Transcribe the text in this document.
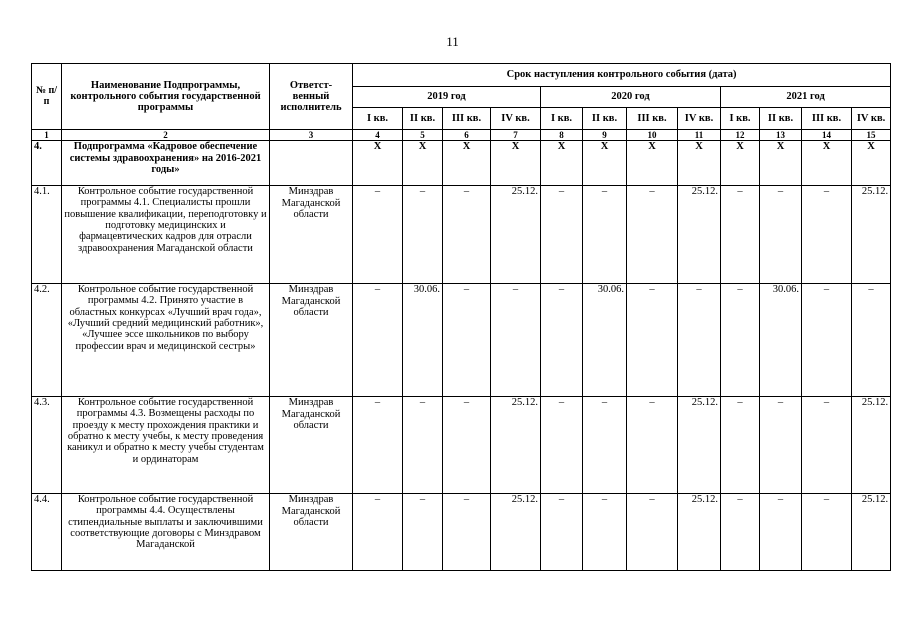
11
№ п/п	Наименование Подпрограммы, контрольного события государственной программы	Ответст-венный исполнитель	Срок наступления контрольного события (дата)											
			2019 год				2020 год				2021 год			
			I кв.	II кв.	III кв.	IV кв.	I кв.	II кв.	III кв.	IV кв.	I кв.	II кв.	III кв.	IV кв.
1	2	3	4	5	6	7	8	9	10	11	12	13	14	15
4.	Подпрограмма «Кадровое обеспечение системы здравоохранения» на 2016-2021 годы»		X	X	X	X	X	X	X	X	X	X	X	X
4.1.	Контрольное событие государственной программы 4.1. Специалисты прошли повышение квалификации, переподготовку и подготовку медицинских и фармацевтических кадров для отрасли здравоохранения Магаданской области	Минздрав Магаданской области	–	–	–	25.12.	–	–	–	25.12.	–	–	–	25.12.
4.2.	Контрольное событие государственной программы 4.2. Принято участие в областных конкурсах «Лучший врач года», «Лучший средний медицинский работник», «Лучшее эссе школьников по выбору профессии врач и медицинской сестры»	Минздрав Магаданской области	–	30.06.	–	–	–	30.06.	–	–	–	30.06.	–	–
4.3.	Контрольное событие государственной программы 4.3. Возмещены расходы по проезду к месту прохождения практики и обратно к месту учебы, к месту проведения каникул и обратно к месту учебы студентам и ординаторам	Минздрав Магаданской области	–	–	–	25.12.	–	–	–	25.12.	–	–	–	25.12.
4.4.	Контрольное событие государственной программы 4.4. Осуществлены стипендиальные выплаты и заключившими соответствующие договоры с Минздравом Магаданской	Минздрав Магаданской области	–	–	–	25.12.	–	–	–	25.12.	–	–	–	25.12.
